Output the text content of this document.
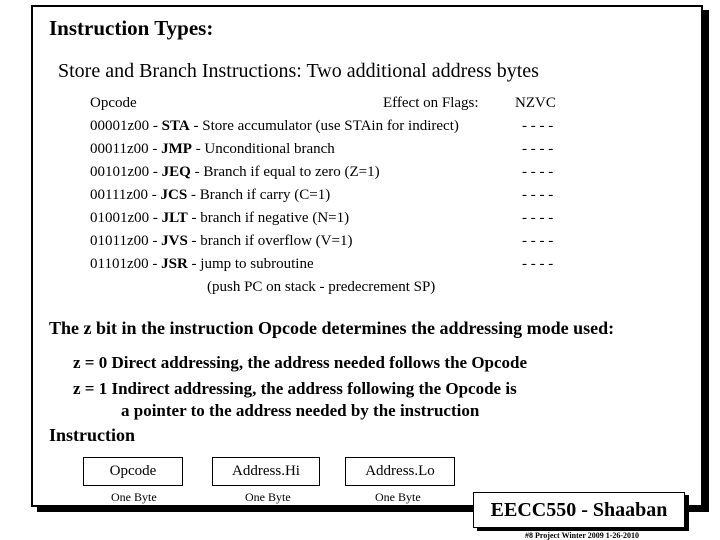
Instruction Types:
Store and Branch Instructions: Two additional address bytes
Opcode	Effect on Flags: NZVC
00001z00 - STA - Store accumulator (use STAin for indirect)	- - - -
00011z00 - JMP - Unconditional branch	- - - -
00101z00 - JEQ - Branch if equal to zero (Z=1)	- - - -
00111z00 - JCS - Branch if carry (C=1)	- - - -
01001z00 - JLT - branch if negative (N=1)	- - - -
01011z00 - JVS - branch if overflow (V=1)	- - - -
01101z00 - JSR - jump to subroutine	- - - -
(push PC on stack - predecrement SP)
The z bit in the instruction Opcode determines the addressing mode used:
z = 0 Direct addressing, the address needed follows the Opcode
z = 1 Indirect addressing, the address following the Opcode is
a pointer to the address needed by the instruction
Instruction
Opcode	Address.Hi	Address.Lo
One Byte	One Byte	One Byte
EECC550 - Shaaban
#8 Project Winter 2009 1-26-2010
